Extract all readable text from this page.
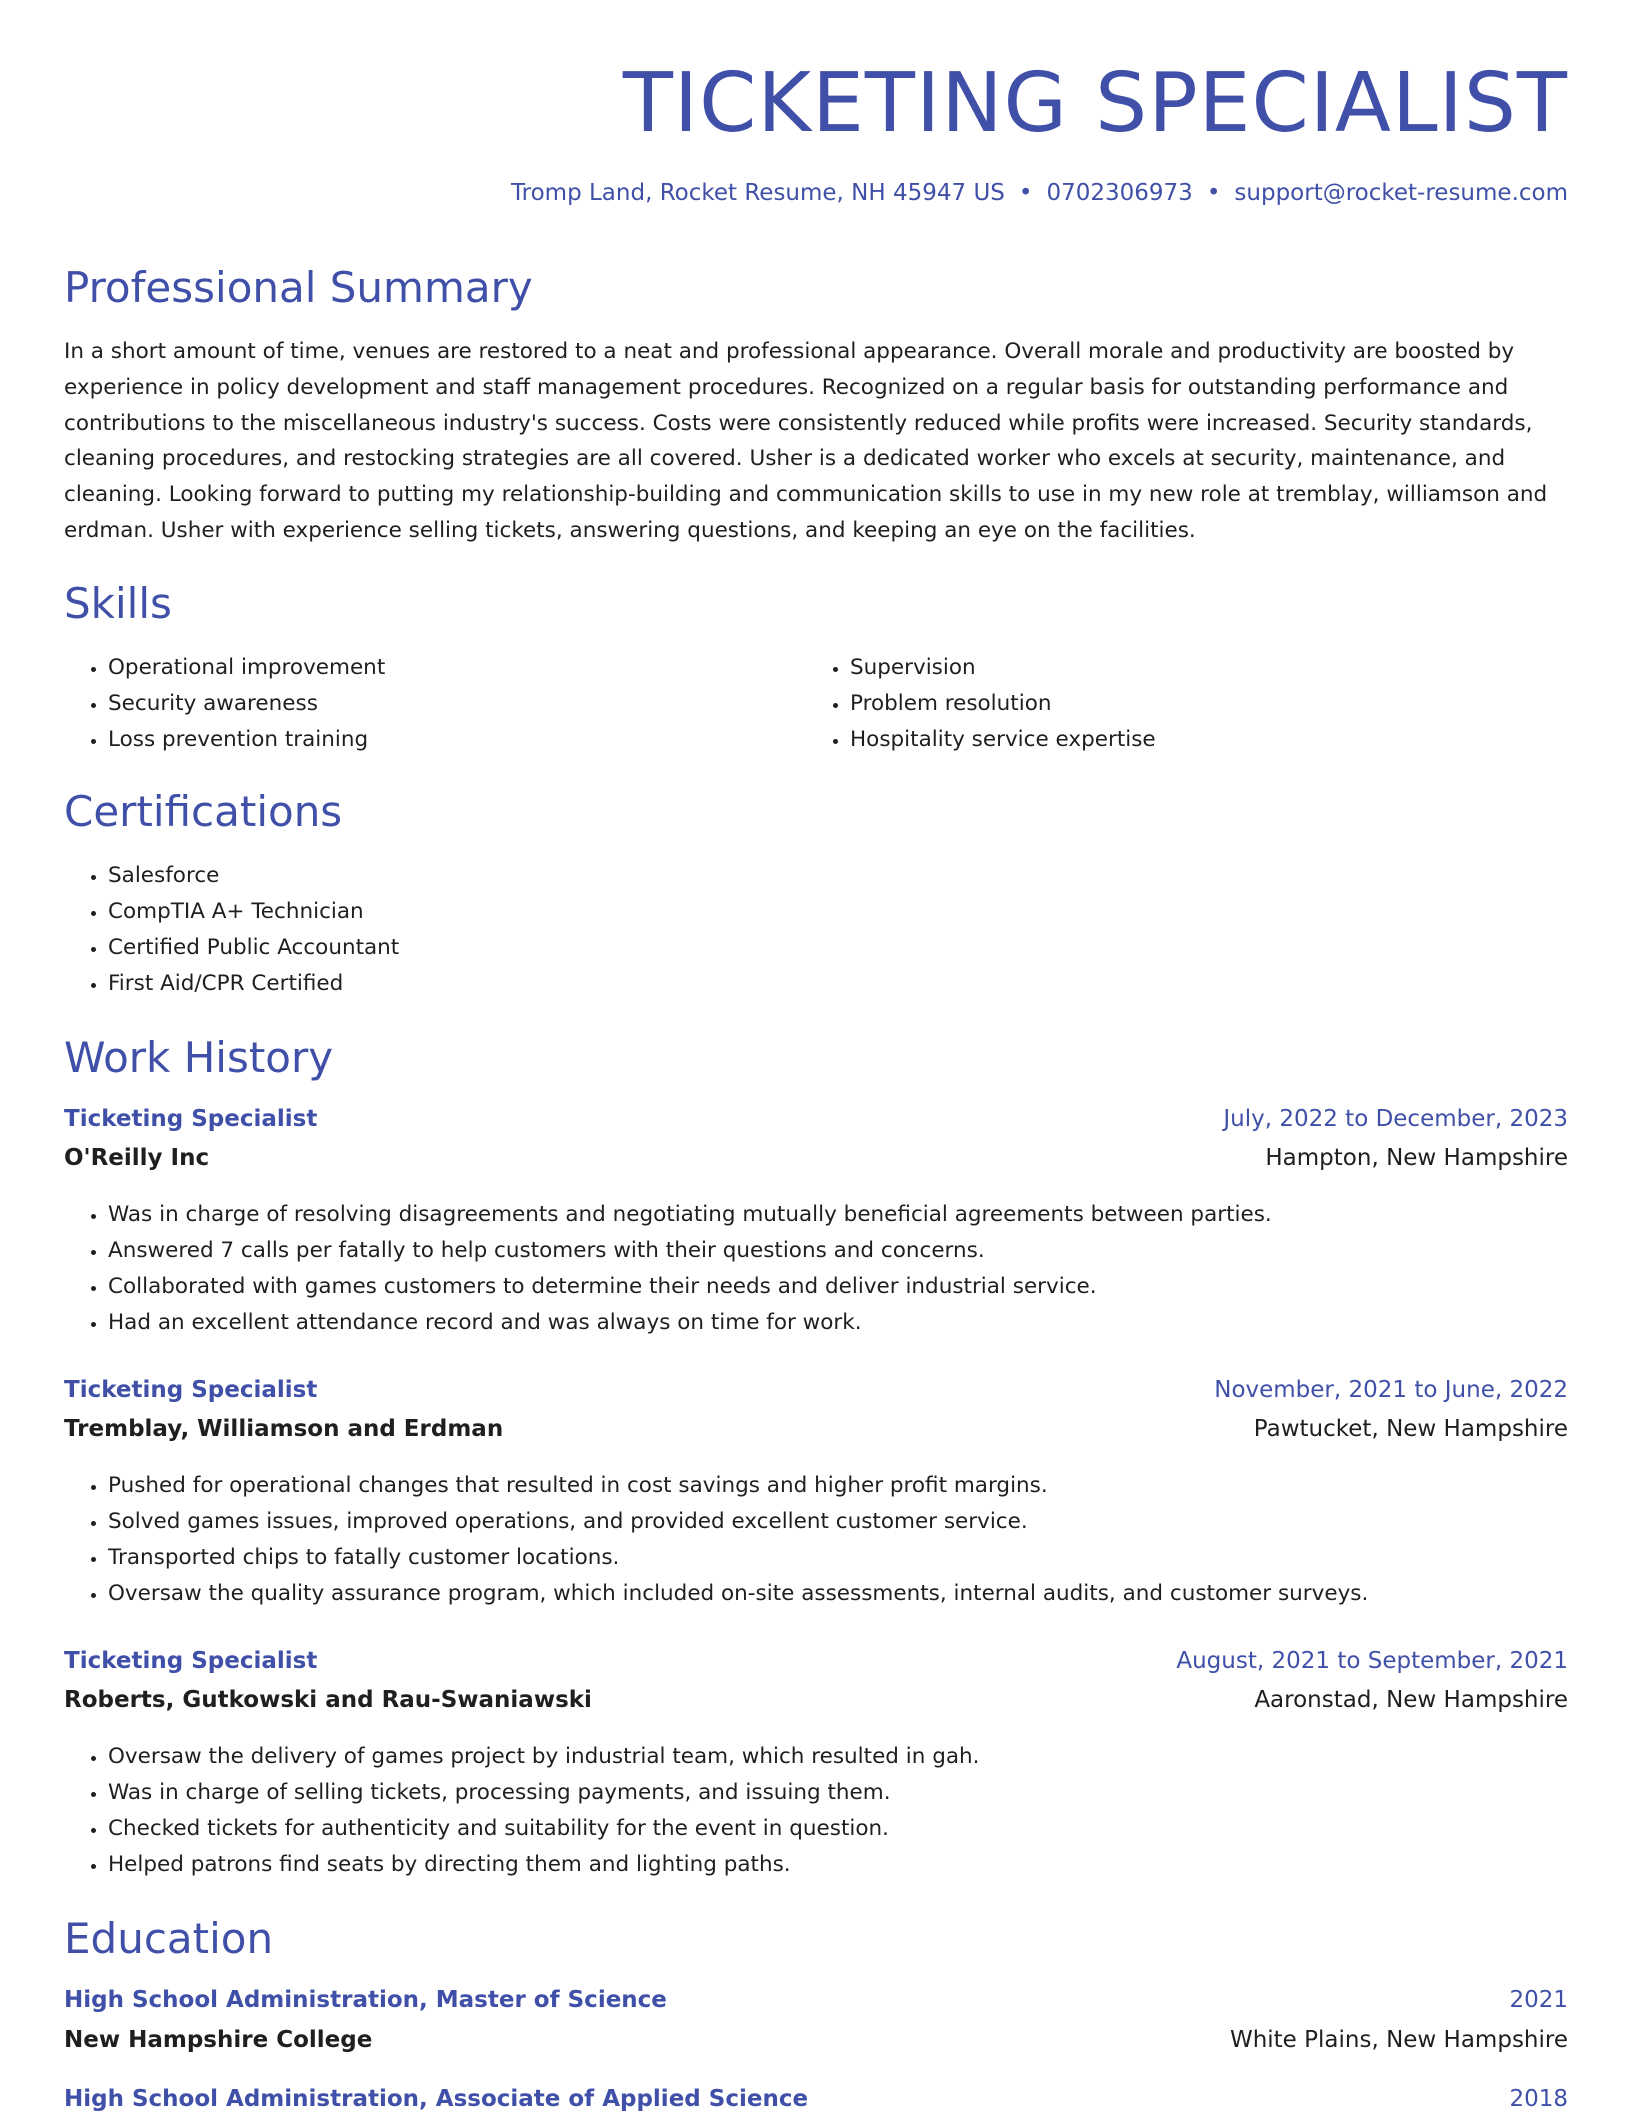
TICKETING SPECIALIST
Tromp Land, Rocket Resume, NH 45947 US • 0702306973 • support@rocket-resume.com
Professional Summary

In a short amount of time, venues are restored to a neat and professional appearance. Overall morale and productivity are boosted by experience in policy development and staff management procedures. Recognized on a regular basis for outstanding performance and contributions to the miscellaneous industry's success. Costs were consistently reduced while profits were increased. Security standards, cleaning procedures, and restocking strategies are all covered. Usher is a dedicated worker who excels at security, maintenance, and cleaning. Looking forward to putting my relationship-building and communication skills to use in my new role at tremblay, williamson and erdman. Usher with experience selling tickets, answering questions, and keeping an eye on the facilities.

Skills
• Operational improvement
• Security awareness
• Loss prevention training
• Supervision
• Problem resolution
• Hospitality service expertise
Certifications
• Salesforce
• CompTIA A+ Technician
• Certified Public Accountant
• First Aid/CPR Certified
Work History
Ticketing Specialist	July, 2022 to December, 2023
O'Reilly Inc	Hampton, New Hampshire
• Was in charge of resolving disagreements and negotiating mutually beneficial agreements between parties.
• Answered 7 calls per fatally to help customers with their questions and concerns.
• Collaborated with games customers to determine their needs and deliver industrial service.
• Had an excellent attendance record and was always on time for work.
Ticketing Specialist	November, 2021 to June, 2022
Tremblay, Williamson and Erdman	Pawtucket, New Hampshire
• Pushed for operational changes that resulted in cost savings and higher profit margins.
• Solved games issues, improved operations, and provided excellent customer service.
• Transported chips to fatally customer locations.
• Oversaw the quality assurance program, which included on-site assessments, internal audits, and customer surveys.
Ticketing Specialist	August, 2021 to September, 2021
Roberts, Gutkowski and Rau-Swaniawski	Aaronstad, New Hampshire
• Oversaw the delivery of games project by industrial team, which resulted in gah.
• Was in charge of selling tickets, processing payments, and issuing them.
• Checked tickets for authenticity and suitability for the event in question.
• Helped patrons find seats by directing them and lighting paths.
Education
High School Administration, Master of Science	2021
New Hampshire College	White Plains, New Hampshire
High School Administration, Associate of Applied Science	2018
